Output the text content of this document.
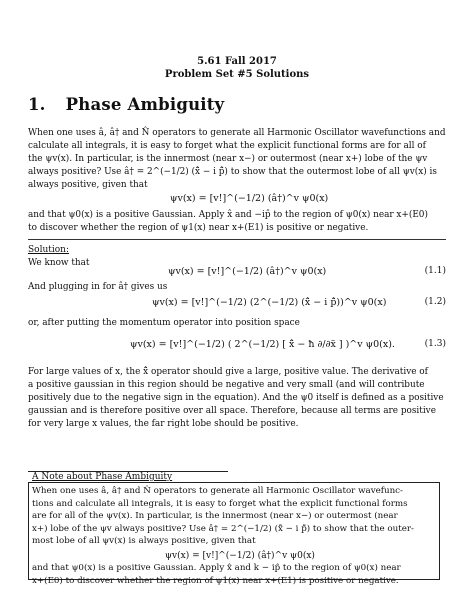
5.61 Fall 2017
Problem Set #5 Solutions
1. Phase Ambiguity

When one uses â, â† and N̂ operators to generate all Harmonic Oscillator wavefunctions and

calculate all integrals, it is easy to forget what the explicit functional forms are for all of

the ψv(x). In particular, is the innermost (near x−) or outermost (near x+) lobe of the ψv

always positive? Use â† = 2^(−1/2) (x̂̃ − i p̂̃) to show that the outermost lobe of all ψv(x) is

always positive, given that

ψv(x) = [v!]^(−1/2) (â†)^v ψ0(x)

and that ψ0(x) is a positive Gaussian. Apply x̂ and −ip̂ to the region of ψ0(x) near x+(E0)

to discover whether the region of ψ1(x) near x+(E1) is positive or negative.

Solution:
We know that
ψv(x) = [v!]^(−1/2) (â†)^v ψ0(x)	(1.1)
And plugging in for â† gives us
ψv(x) = [v!]^(−1/2) (2^(−1/2) (x̂̃ − i p̂̃))^v ψ0(x)	(1.2)
or, after putting the momentum operator into position space
ψv(x) = [v!]^(−1/2) ( 2^(−1/2) [ x̂̃ − ħ ∂/∂x̃ ] )^v ψ0(x).	(1.3)

For large values of x, the x̂̃ operator should give a large, positive value. The derivative of

a positive gaussian in this region should be negative and very small (and will contribute

positively due to the negative sign in the equation). And the ψ0 itself is defined as a positive

gaussian and is therefore positive over all space. Therefore, because all terms are positive

for very large x values, the far right lobe should be positive.

A Note about Phase Ambiguity

When one uses â, â† and N̂ operators to generate all Harmonic Oscillator wavefunc-

tions and calculate all integrals, it is easy to forget what the explicit functional forms

are for all of the ψv(x). In particular, is the innermost (near x−) or outermost (near

x+) lobe of the ψv always positive? Use â† = 2^(−1/2) (x̂̃ − i p̂̃) to show that the outer-

most lobe of all ψv(x) is always positive, given that

ψv(x) = [v!]^(−1/2) (â†)^v ψ0(x)

and that ψ0(x) is a positive Gaussian. Apply x̂ and k − ip̂ to the region of ψ0(x) near

x+(E0) to discover whether the region of ψ1(x) near x+(E1) is positive or negative.
